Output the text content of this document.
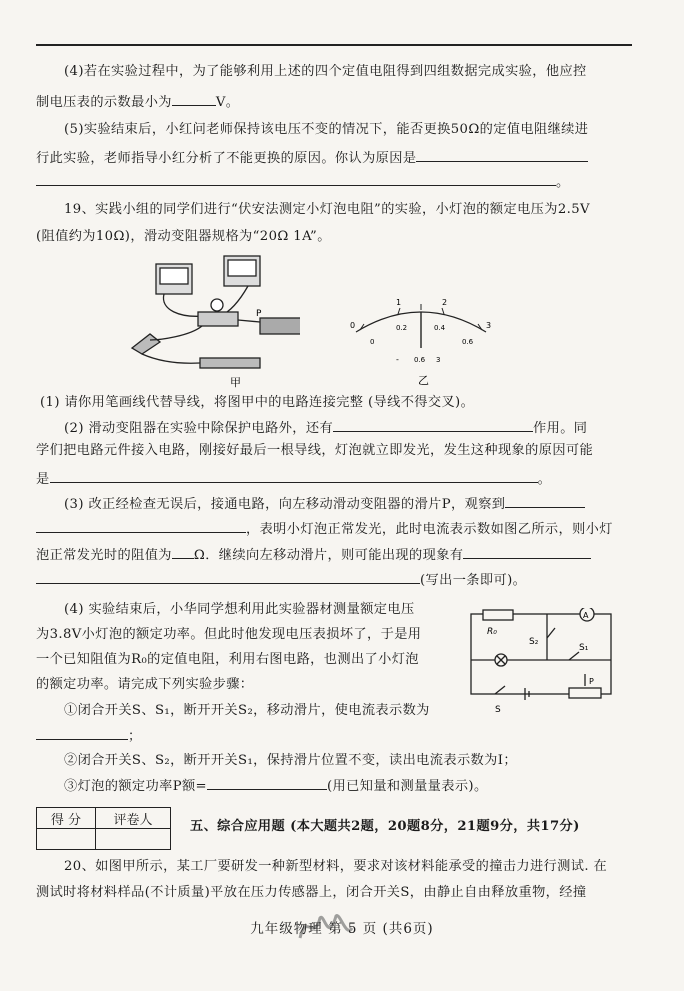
(4)若在实验过程中，为了能够利用上述的四个定值电阻得到四组数据完成实验，他应控
制电压表的示数最小为	V。
(5)实验结束后，小红问老师保持该电压不变的情况下，能否更换50Ω的定值电阻继续进
行此实验，老师指导小红分析了不能更换的原因。你认为原因是
。
19、实践小组的同学们进行“伏安法测定小灯泡电阻”的实验，小灯泡的额定电压为2.5V
(阻值约为10Ω)，滑动变阻器规格为“20Ω 1A”。
P
甲
0
1	2
3
0
0.2	0.4
0.6
- 0.6 3
乙
(1) 请你用笔画线代替导线，将图甲中的电路连接完整 (导线不得交叉)。
(2) 滑动变阻器在实验中除保护电路外，还有	作用。同
学们把电路元件接入电路，刚接好最后一根导线，灯泡就立即发光，发生这种现象的原因可能
是	。
(3) 改正经检查无误后，接通电路，向左移动滑动变阻器的滑片P，观察到
，表明小灯泡正常发光，此时电流表示数如图乙所示，则小灯
泡正常发光时的阻值为 Ω．继续向左移动滑片，则可能出现的现象有
(写出一条即可)。
(4) 实验结束后，小华同学想利用此实验器材测量额定电压
为3.8V小灯泡的额定功率。但此时他发现电压表损坏了，于是用
一个已知阻值为R₀的定值电阻，利用右图电路，也测出了小灯泡
的额定功率。请完成下列实验步骤：
R₀
S₂
S₁
S
A
P
①闭合开关S、S₁，断开开关S₂，移动滑片，使电流表示数为
；
②闭合开关S、S₂，断开开关S₁，保持滑片位置不变，读出电流表示数为I；
③灯泡的额定功率P额=	(用已知量和测量量表示)。
得 分	评卷人
		五、综合应用题 (本大题共2题，20题8分，21题9分，共17分)
20、如图甲所示，某工厂要研发一种新型材料，要求对该材料能承受的撞击力进行测试. 在
测试时将材料样品(不计质量)平放在压力传感器上，闭合开关S，由静止自由释放重物，经撞
九年级物理 第 5 页 (共6页)
